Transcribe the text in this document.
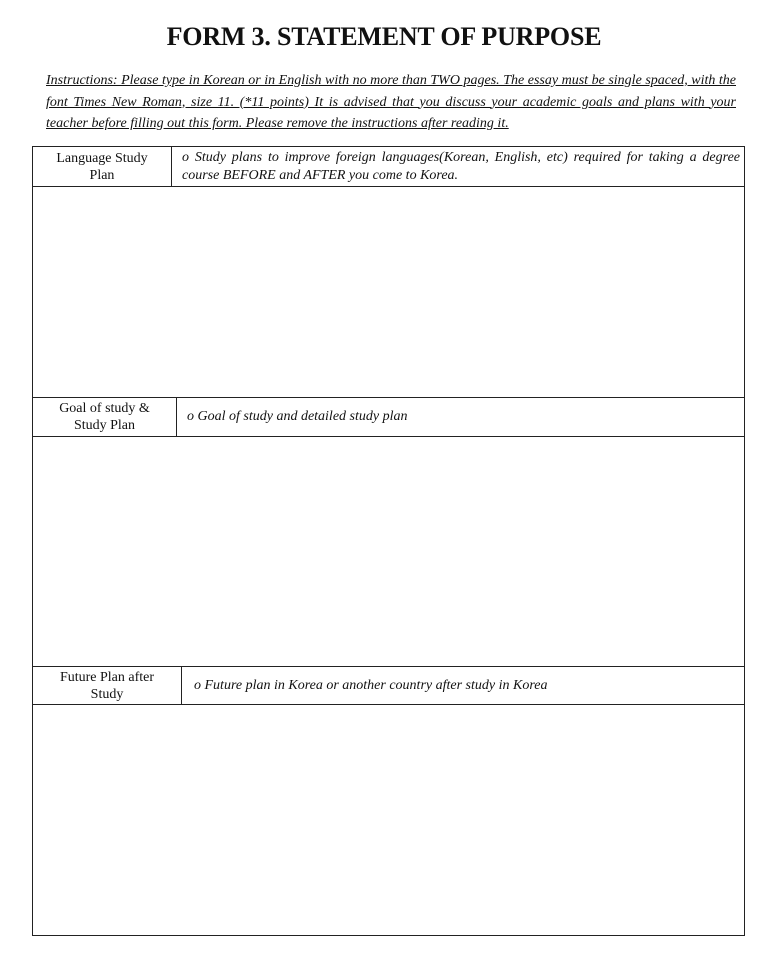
FORM 3. STATEMENT OF PURPOSE
Instructions: Please type in Korean or in English with no more than TWO pages. The essay must be single spaced, with the font Times New Roman, size 11. (*11 points) It is advised that you discuss your academic goals and plans with your teacher before filling out this form. Please remove the instructions after reading it.
Language Study Plan
o Study plans to improve foreign languages(Korean, English, etc) required for taking a degree course BEFORE and AFTER you come to Korea.
Goal of study & Study Plan
o Goal of study and detailed study plan
Future Plan after Study
o Future plan in Korea or another country after study in Korea
